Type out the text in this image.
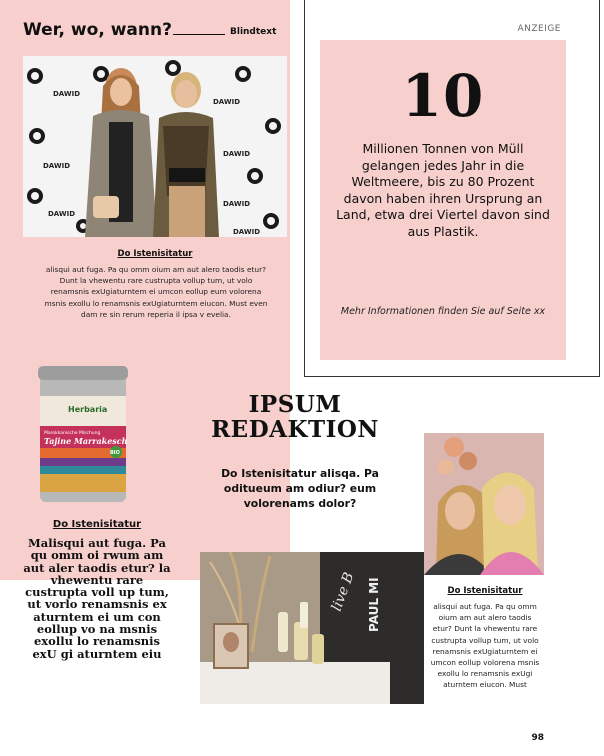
Wer, wo, wann?	Blindtext
DAWID
DAWID
DAWID
DAWID
DAWID
DAWID
DAWID
Do Istenisitatur
alisqui aut fuga. Pa qu omm oium am aut alero taodis etur? Dunt la vhewentu rare custrupta vollup tum, ut volo renamsnis exUgiaturntem ei umcon eollup eum volorena msnis exollu lo renamsnis exUgiaturntem eiucon. Must even dam re sin rerum reperia il ipsa v evelia.
ANZEIGE
10
Millionen Tonnen von Müll gelangen jedes Jahr in die Weltmeere, bis zu 80 Prozent davon haben ihren Ursprung an Land, etwa drei Viertel davon sind aus Plastik.
Mehr Informationen finden Sie auf Seite xx
Herbaria
Marokkanische Mischung
Tajine Marrakesch
BIO
Do Istenisitatur
Malisqui aut fuga. Pa qu omm oi rwum am aut aler taodis etur? la vhewentu rare custrupta voll up tum, ut vorlo renamsnis ex aturntem ei um con eollup vo na msnis exollu lo renamsnis exU gi aturntem eiu
IPSUM REDAKTION
Do Istenisitatur alisqa. Pa oditueum am odiur? eum volorenams dolor?
Do Istenisitatur
alisqui aut fuga. Pa qu omm oium am aut alero taodis etur? Dunt la vhewentu rare custrupta vollup tum, ut volo renamsnis exUgiaturntem ei umcon eollup volorena msnis exollu lo renamsnis exUgi aturntem eiucon. Must
live B PAUL MI
98
